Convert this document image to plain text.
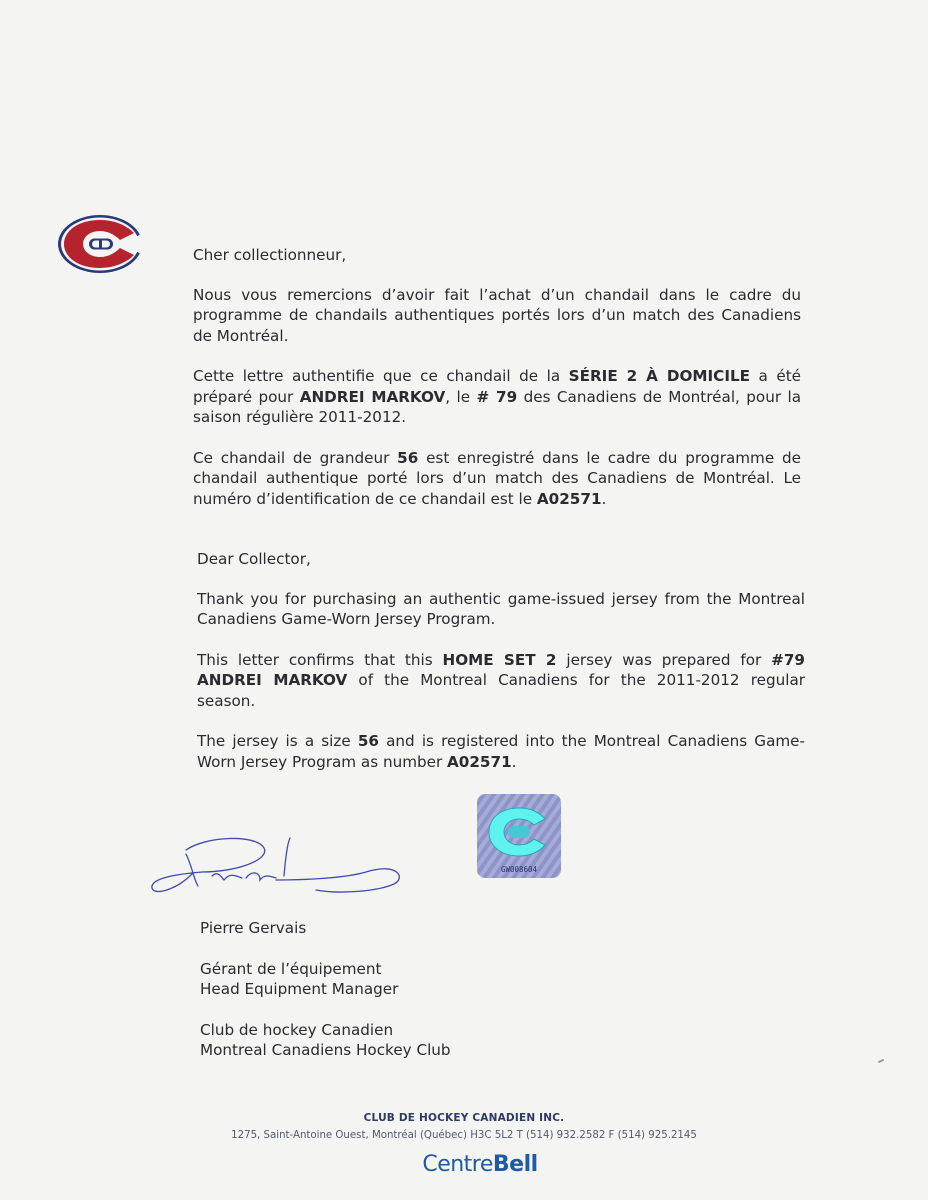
Cher collectionneur,

Nous vous remercions d’avoir fait l’achat d’un chandail dans le cadre du programme de chandails authentiques portés lors d’un match des Canadiens de Montréal.

Cette lettre authentifie que ce chandail de la SÉRIE 2 À DOMICILE a été préparé pour ANDREI MARKOV, le # 79 des Canadiens de Montréal, pour la saison régulière 2011-2012.

Ce chandail de grandeur 56 est enregistré dans le cadre du programme de chandail authentique porté lors d’un match des Canadiens de Montréal. Le numéro d’identification de ce chandail est le A02571.

Dear Collector,

Thank you for purchasing an authentic game-issued jersey from the Montreal Canadiens Game-Worn Jersey Program.

This letter confirms that this HOME SET 2 jersey was prepared for #79 ANDREI MARKOV of the Montreal Canadiens for the 2011-2012 regular season.

The jersey is a size 56 and is registered into the Montreal Canadiens Game-Worn Jersey Program as number A02571.

GW008604

Pierre Gervais

Gérant de l’équipement

Head Equipment Manager

Club de hockey Canadien

Montreal Canadiens Hockey Club

CLUB DE HOCKEY CANADIEN INC.
1275, Saint-Antoine Ouest, Montréal (Québec) H3C 5L2 T (514) 932.2582 F (514) 925.2145
CentreBell
